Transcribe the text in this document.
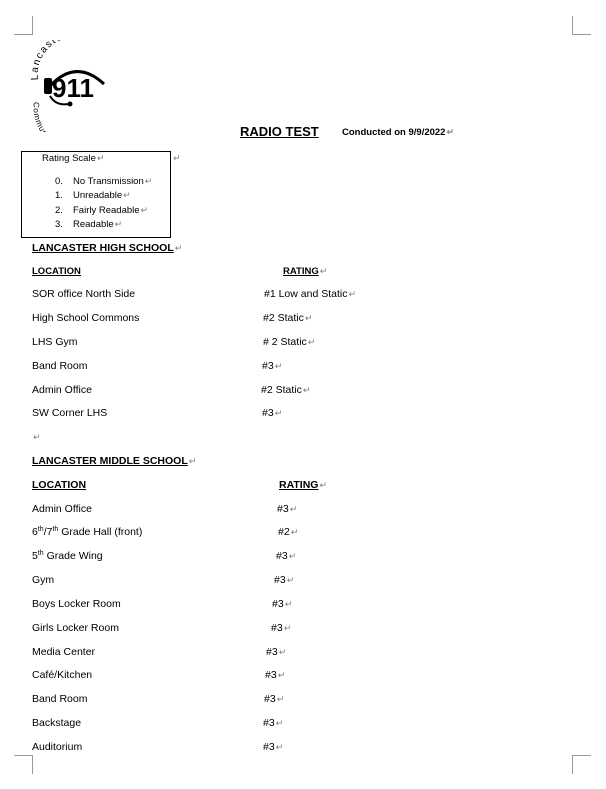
Lancast
Commu
911
RADIO TEST Conducted on 9/9/2022↵
Rating Scale↵	↵
0. No Transmission↵
1. Unreadable↵
2. Fairly Readable↵
3. Readable↵
LANCASTER HIGH SCHOOL↵
LOCATION	RATING↵
SOR office North Side	#1 Low and Static↵
High School Commons	#2 Static↵
LHS Gym	# 2 Static↵
Band Room	#3↵
Admin Office	#2 Static↵
SW Corner LHS	#3↵
↵
LANCASTER MIDDLE SCHOOL↵
LOCATION	RATING↵
Admin Office	#3↵
6th/7th Grade Hall (front)	#2↵
5th Grade Wing	#3↵
Gym	#3↵
Boys Locker Room	#3↵
Girls Locker Room	#3↵
Media Center	#3↵
Café/Kitchen	#3↵
Band Room	#3↵
Backstage	#3↵
Auditorium	#3↵
